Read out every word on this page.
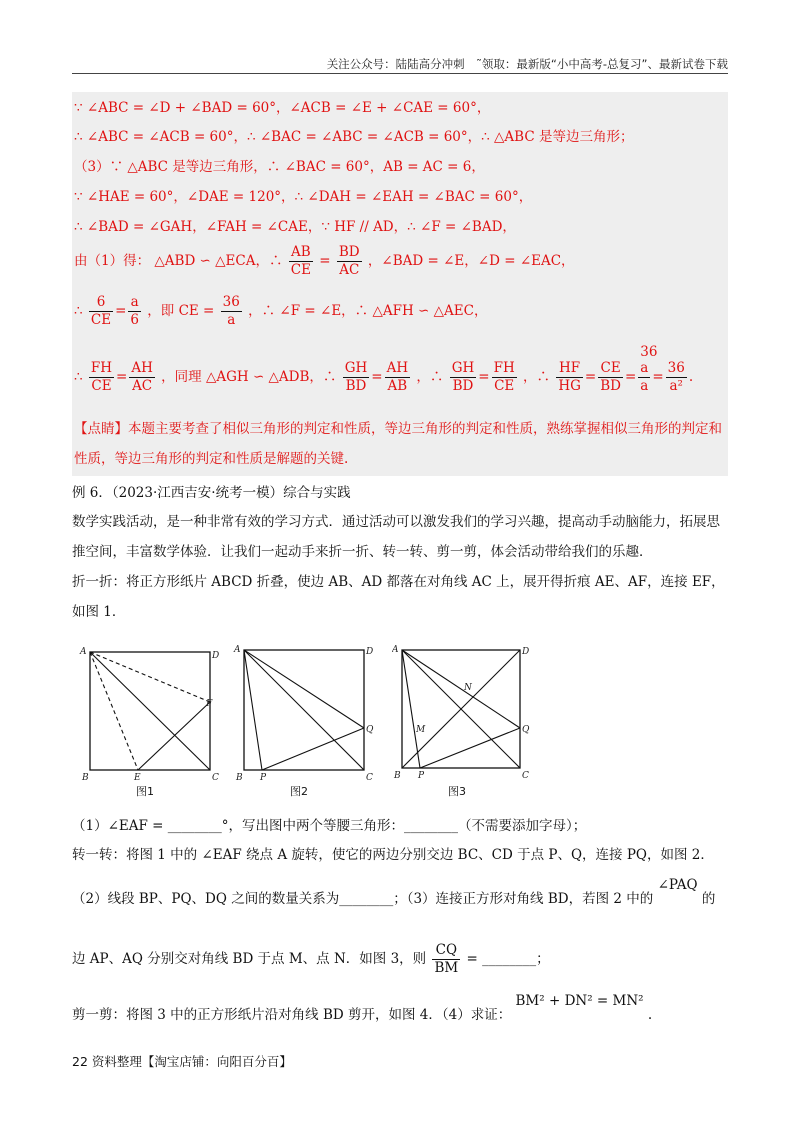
关注公众号：陆陆高分冲刺　˜领取：最新版“小中高考-总复习”、最新试卷下载
∵ ∠ABC = ∠D + ∠BAD = 60°，∠ACB = ∠E + ∠CAE = 60°，
∴ ∠ABC = ∠ACB = 60°，∴ ∠BAC = ∠ABC = ∠ACB = 60°，∴ △ABC 是等边三角形；
（3）∵ △ABC 是等边三角形，∴ ∠BAC = 60°，AB = AC = 6，
∵ ∠HAE = 60°，∠DAE = 120°，∴ ∠DAH = ∠EAH = ∠BAC = 60°，
∴ ∠BAD = ∠GAH，∠FAH = ∠CAE，∵ HF // AD，∴ ∠F = ∠BAD，
由（1）得： △ABD ∽ △ECA，∴ $\frac{AB}{CE} = \frac{BD}{AC}$ ，∠BAD = ∠E，∠D = ∠EAC，
∴ $\frac{6}{CE} = \frac{a}{6}$ ，即 CE = $\frac{36}{a}$ ，∴ ∠F = ∠E，∴ △AFH ∽ △AEC，
∴ $\frac{FH}{CE} = \frac{AH}{AC}$ ，同理 △AGH ∽ △ADB，∴ $\frac{GH}{BD} = \frac{AH}{AB}$ ，∴ $\frac{GH}{BD} = \frac{FH}{CE}$ ，∴ $\frac{HF}{HG} = \frac{CE}{BD}$ =
36
a
a
= $\frac{36}{\text{a²}}$ .
【点睛】本题主要考查了相似三角形的判定和性质，等边三角形的判定和性质，熟练掌握相似三角形的判定和性质，等边三角形的判定和性质是解题的关键.
例 6．（2023·江西吉安·统考一模）综合与实践
数学实践活动，是一种非常有效的学习方式．通过活动可以激发我们的学习兴趣，提高动手动脑能力，拓展思推空间，丰富数学体验．让我们一起动手来折一折、转一转、剪一剪，体会活动带给我们的乐趣．
折一折：将正方形纸片 ABCD 折叠，使边 AB、AD 都落在对角线 AC 上，展开得折痕 AE、AF，连接 EF，如图 1．
A	D
B	C
E
F
图1
A	D
B	C
P
Q
图2
A	D
B	C
P
Q
M
N
图3
（1）∠EAF = ________°，写出图中两个等腰三角形：________（不需要添加字母）；
转一转：将图 1 中的 ∠EAF 绕点 A 旋转，使它的两边分别交边 BC、CD 于点 P、Q，连接 PQ，如图 2．
（2）线段 BP、PQ、DQ 之间的数量关系为________；（3）连接正方形对角线 BD，若图 2 中的 ∠PAQ 的
边 AP、AQ 分别交对角线 BD 于点 M、点 N．如图 3，则 $\frac{CQ}{BM}$ = ________；
剪一剪：将图 3 中的正方形纸片沿对角线 BD 剪开，如图 4．（4）求证： BM² + DN² = MN² .
22 资料整理【淘宝店铺：向阳百分百】
